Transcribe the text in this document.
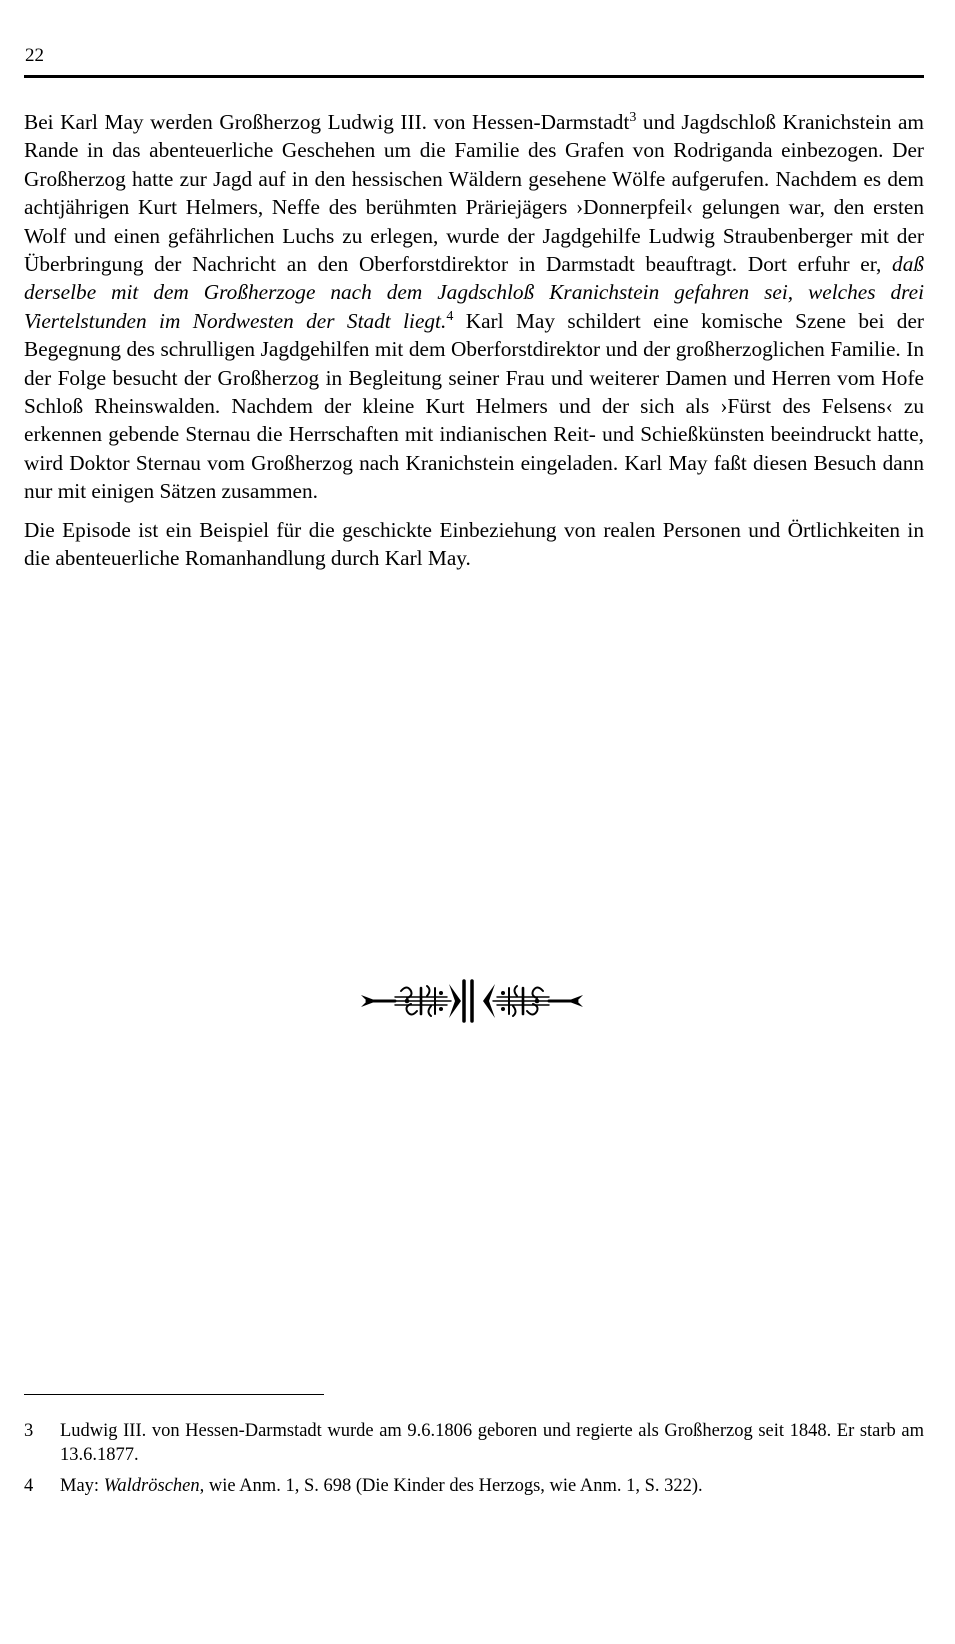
22

Bei Karl May werden Großherzog Ludwig III. von Hessen-Darmstadt$^3$ und Jagdschloß Kranichstein am Rande in das abenteuerliche Geschehen um die Familie des Grafen von Rodriganda einbezogen. Der Großherzog hatte zur Jagd auf in den hessischen Wäldern gesehene Wölfe aufgerufen. Nachdem es dem achtjährigen Kurt Helmers, Neffe des berühmten Präriejägers ›Donnerpfeil‹ gelungen war, den ersten Wolf und einen gefährlichen Luchs zu erlegen, wurde der Jagdgehilfe Ludwig Straubenberger mit der Überbringung der Nachricht an den Oberforstdirektor in Darmstadt beauftragt. Dort erfuhr er, daß derselbe mit dem Großherzoge nach dem Jagdschloß Kranichstein gefahren sei, welches drei Viertelstunden im Nordwesten der Stadt liegt.$^4$ Karl May schildert eine komische Szene bei der Begegnung des schrulligen Jagdgehilfen mit dem Oberforstdirektor und der großherzoglichen Familie. In der Folge besucht der Großherzog in Begleitung seiner Frau und weiterer Damen und Herren vom Hofe Schloß Rheinswalden. Nachdem der kleine Kurt Helmers und der sich als ›Fürst des Felsens‹ zu erkennen gebende Sternau die Herrschaften mit indianischen Reit- und Schießkünsten beeindruckt hatte, wird Doktor Sternau vom Großherzog nach Kranichstein eingeladen. Karl May faßt diesen Besuch dann nur mit einigen Sätzen zusammen.

Die Episode ist ein Beispiel für die geschickte Einbeziehung von realen Personen und Örtlichkeiten in die abenteuerliche Romanhandlung durch Karl May.

3	Ludwig III. von Hessen-Darmstadt wurde am 9.6.1806 geboren und regierte als Großherzog seit 1848. Er starb am 13.6.1877.
4	May: Waldröschen, wie Anm. 1, S. 698 (Die Kinder des Herzogs, wie Anm. 1, S. 322).
